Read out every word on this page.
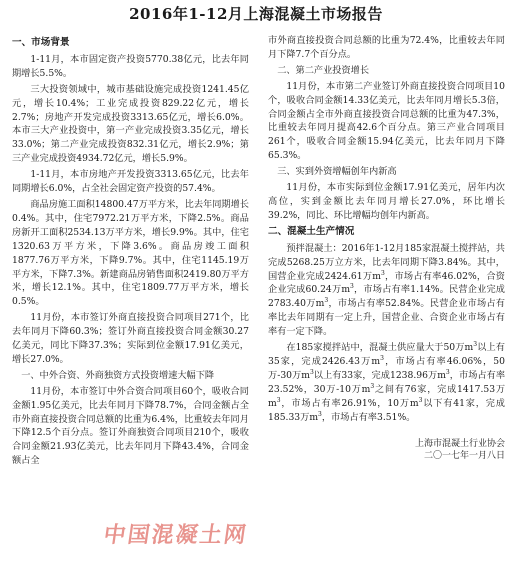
2016年1-12月上海混凝土市场报告
一、市场背景

1-11月，本市固定资产投资5770.38亿元，比去年同期增长5.5%。

三大投资领域中，城市基础设施完成投资1241.45亿元，增长10.4%；工业完成投资829.22亿元，增长2.7%；房地产开发完成投资3313.65亿元，增长6.0%。本市三大产业投资中，第一产业完成投资3.35亿元，增长33.0%；第二产业完成投资832.31亿元，增长2.9%；第三产业完成投资4934.72亿元，增长5.9%。

1-11月，本市房地产开发投资3313.65亿元，比去年同期增长6.0%，占全社会固定资产投资的57.4%。

商品房施工面积14800.47万平方米，比去年同期增长0.4%。其中，住宅7972.21万平方米，下降2.5%。商品房新开工面积2534.13万平方米，增长9.9%。其中，住宅1320.63万平方米，下降3.6%。商品房竣工面积1877.76万平方米，下降9.7%。其中，住宅1145.19万平方米，下降7.3%。新建商品房销售面积2419.80万平方米，增长12.1%。其中，住宅1809.77万平方米，增长0.5%。

11月份，本市签订外商直接投资合同项目271个，比去年同月下降60.3%；签订外商直接投资合同金额30.27亿美元，同比下降37.3%；实际到位金额17.91亿美元，增长27.0%。

一、中外合资、外商独资方式投资增速大幅下降

11月份，本市签订中外合资合同项目60个，吸收合同金额1.95亿美元，比去年同月下降78.7%，合同金额占全市外商直接投资合同总额的比重为6.4%，比重较去年同月下降12.5个百分点。签订外商独资合同项目210个，吸收合同金额21.93亿美元，比去年同月下降43.4%，合同金额占全

市外商直接投资合同总额的比重为72.4%，比重较去年同月下降7.7个百分点。

二、第二产业投资增长

11月份，本市第二产业签订外商直接投资合同项目10个，吸收合同金额14.33亿美元，比去年同月增长5.3倍，合同金额占全市外商直接投资合同总额的比重为47.3%，比重较去年同月提高42.6个百分点。第三产业合同项目261个，吸收合同金额15.94亿美元，比去年同月下降65.3%。

三、实到外资增幅创年内新高

11月份，本市实际到位金额17.91亿美元，居年内次高位，实到金额比去年同月增长27.0%，环比增长39.2%，同比、环比增幅均创年内新高。

二、混凝土生产情况

预拌混凝土：2016年1-12月185家混凝土搅拌站，共完成5268.25万立方米，比去年同期下降3.84%。其中，国营企业完成2424.61万$m^3$，市场占有率46.02%，合资企业完成60.24万$m^3$，市场占有率1.14%。民营企业完成2783.40万$m^3$，市场占有率52.84%。民营企业市场占有率比去年同期有一定上升，国营企业、合资企业市场占有率有一定下降。

在185家搅拌站中，混凝土供应量大于50万$m^3$以上有35家，完成2426.43万$m^3$，市场占有率46.06%，50万-30万$m^3$以上有33家，完成1238.96万$m^3$，市场占有率23.52%，30万-10万$m^3$之间有76家，完成1417.53万$m^3$，市场占有率26.91%，10万$m^3$以下有41家，完成185.33万$m^3$，市场占有率3.51%。

上海市混凝土行业协会
二〇一七年一月八日
中国混凝土网
